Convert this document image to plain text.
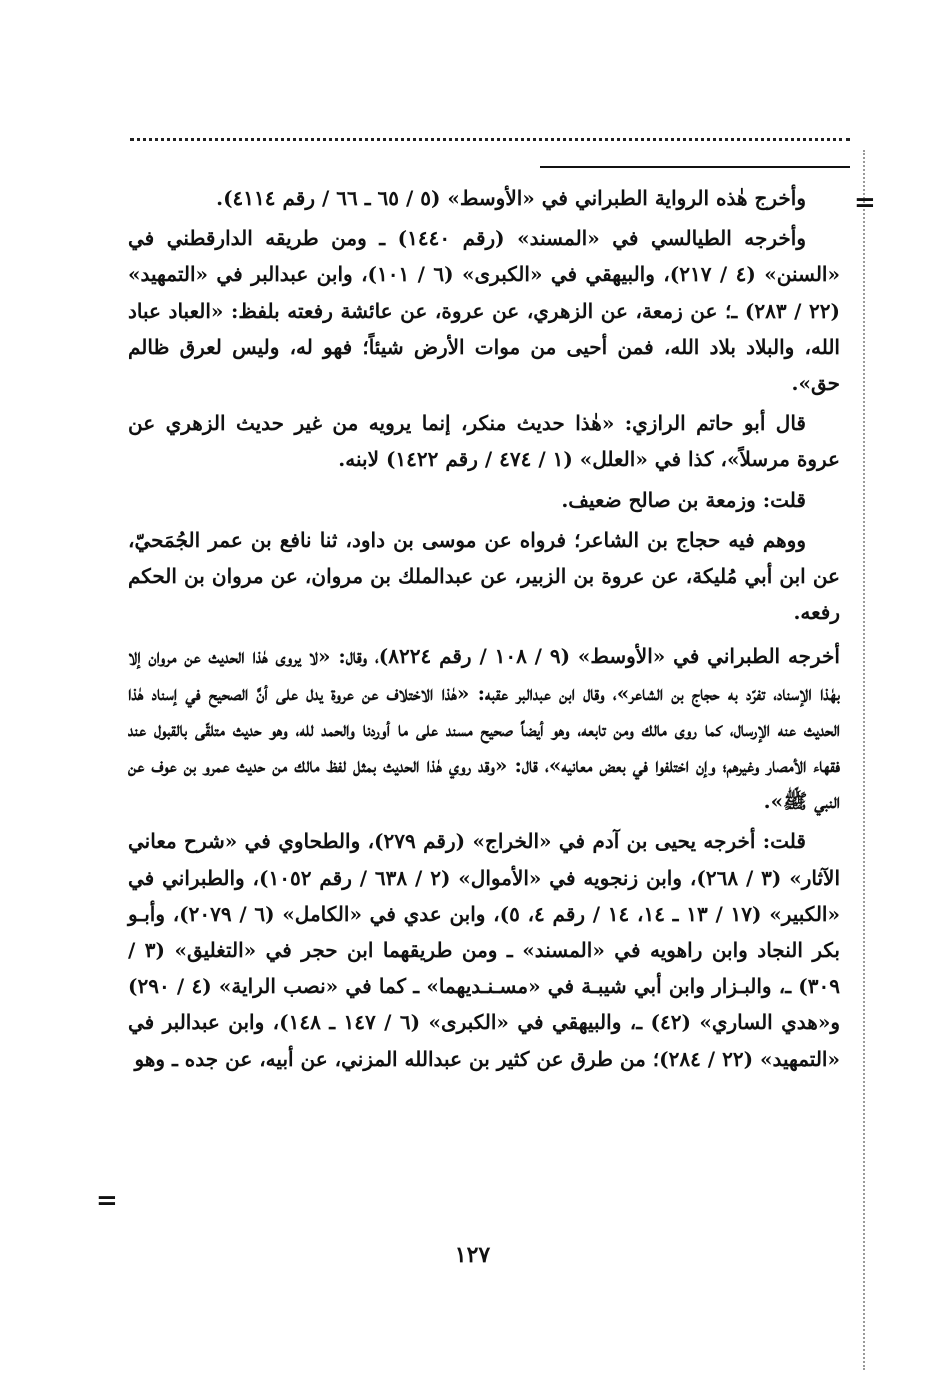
=
=

وأخرج هٰذه الرواية الطبراني في «الأوسط» (٥ / ٦٥ ـ ٦٦ / رقم ٤١١٤).

وأخرجه الطيالسي في «المسند» (رقم ١٤٤٠) ـ ومن طريقه الدارقطني في «السنن» (٤ / ٢١٧)، والبيهقي في «الكبرى» (٦ / ١٠١)، وابن عبدالبر في «التمهيد» (٢٢ / ٢٨٣) ـ؛ عن زمعة، عن الزهري، عن عروة، عن عائشة رفعته بلفظ: «العباد عباد الله، والبلاد بلاد الله، فمن أحيى من موات الأرض شيئاً؛ فهو له، وليس لعرق ظالم حق».

قال أبو حاتم الرازي: «هٰذا حديث منكر، إنما يرويه من غير حديث الزهري عن عروة مرسلاً»، كذا في «العلل» (١ / ٤٧٤ / رقم ١٤٢٢) لابنه.

قلت: وزمعة بن صالح ضعيف.

ووهم فيه حجاج بن الشاعر؛ فرواه عن موسى بن داود، ثنا نافع بن عمر الجُمَحيّ، عن ابن أبي مُليكة، عن عروة بن الزبير، عن عبدالملك بن مروان، عن مروان بن الحكم رفعه.

أخرجه الطبراني في «الأوسط» (٩ / ١٠٨ / رقم ٨٢٢٤)، وقال: «لا يروى هٰذا الحديث عن مروان إلا بهٰذا الإسناد، تفرّد به حجاج بن الشاعر»، وقال ابن عبدالبر عقبه: «هٰذا الاختلاف عن عروة يدل على أنَّ الصحيح في إسناد هٰذا الحديث عنه الإرسال، كما روى مالك ومن تابعه، وهو أيضاً صحيح مسند على ما أوردنا والحمد لله، وهو حديث متلقّى بالقبول عند فقهاء الأمصار وغيرهم؛ وإن اختلفوا في بعض معانيه»، قال: «وقد روي هٰذا الحديث بمثل لفظ مالك من حديث عمرو بن عوف عن النبي ﷺ».

قلت: أخرجه يحيى بن آدم في «الخراج» (رقم ٢٧٩)، والطحاوي في «شرح معاني الآثار» (٣ / ٢٦٨)، وابن زنجويه في «الأموال» (٢ / ٦٣٨ / رقم ١٠٥٢)، والطبراني في «الكبير» (١٧ / ١٣ ـ ١٤، ١٤ / رقم ٤، ٥)، وابن عدي في «الكامل» (٦ / ٢٠٧٩)، وأبـو بكر النجاد وابن راهويه في «المسند» ـ ومن طريقهما ابن حجر في «التغليق» (٣ / ٣٠٩) ـ، والبـزار وابن أبي شيبـة في «مسـنـديهما» ـ كما في «نصب الراية» (٤ / ٢٩٠) و«هدي الساري» (٤٢) ـ، والبيهقي في «الكبرى» (٦ / ١٤٧ ـ ١٤٨)، وابن عبدالبر في «التمهيد» (٢٢ / ٢٨٤)؛ من طرق عن كثير بن عبدالله المزني، عن أبيه، عن جده ـ وهو

١٢٧
